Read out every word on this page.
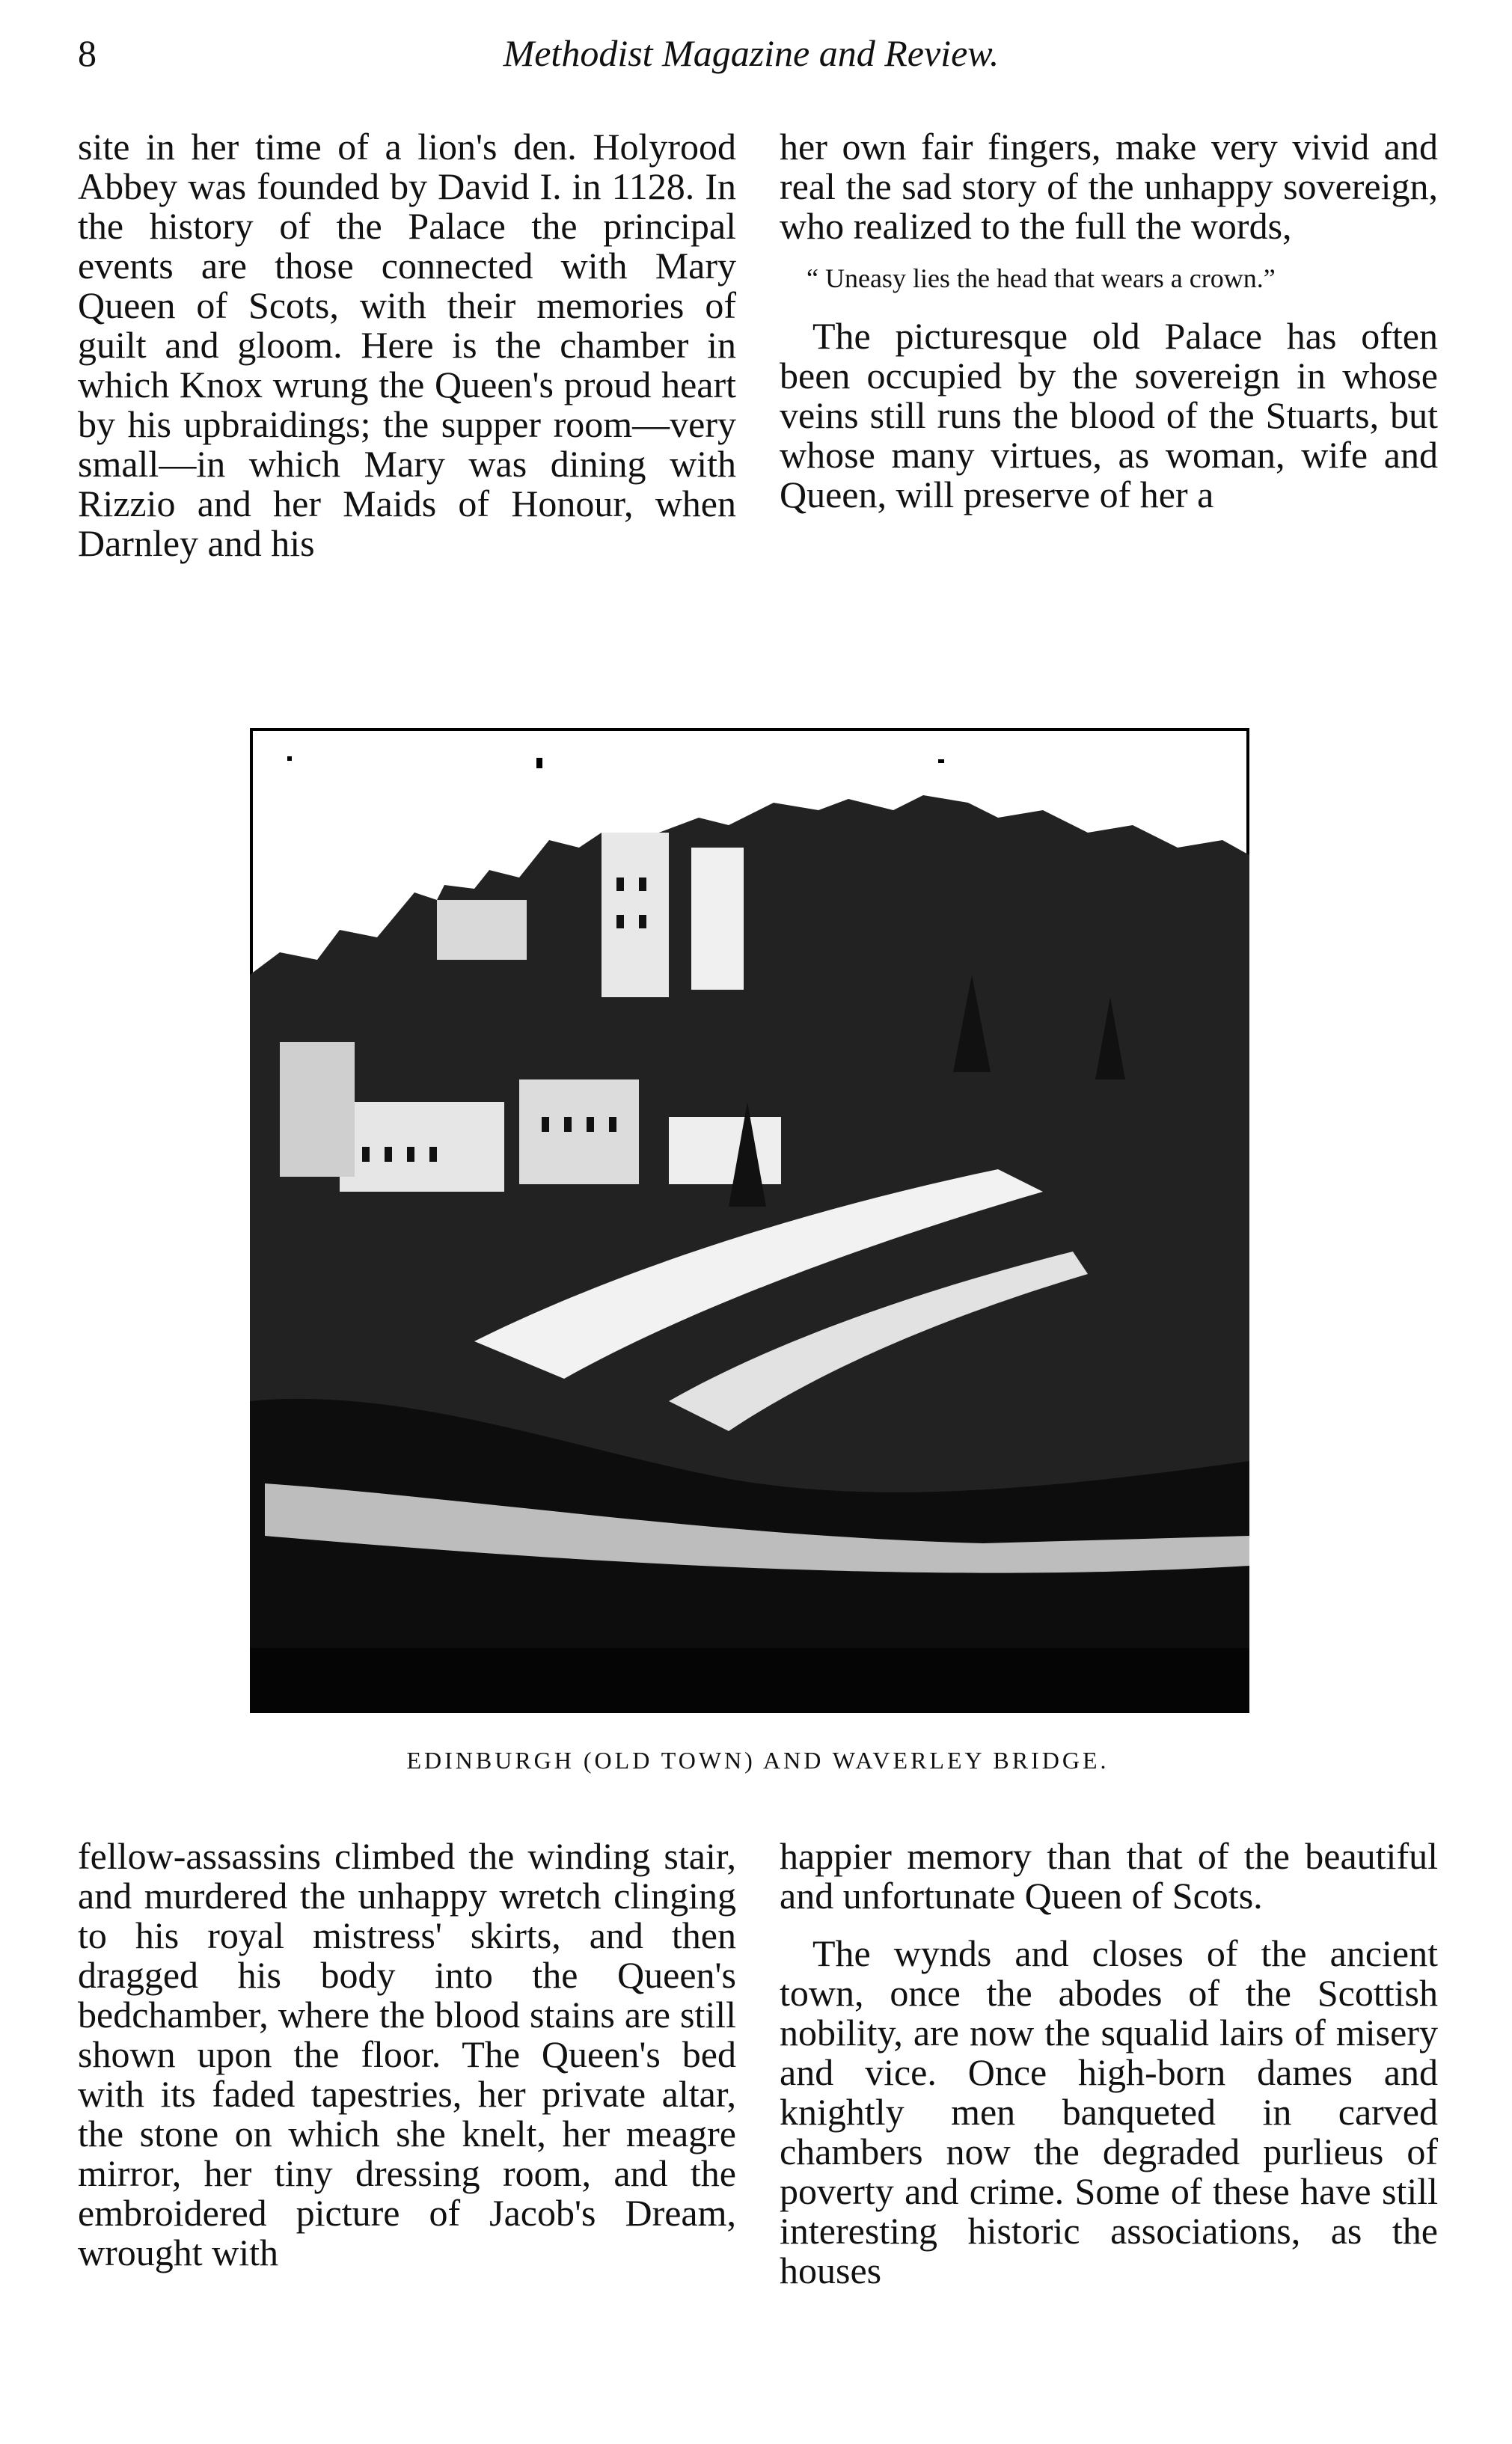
8	Methodist Magazine and Review.

site in her time of a lion's den. Holyrood Abbey was founded by David I. in 1128. In the history of the Palace the principal events are those connected with Mary Queen of Scots, with their memories of guilt and gloom. Here is the chamber in which Knox wrung the Queen's proud heart by his upbraidings; the supper room—very small—in which Mary was dining with Rizzio and her Maids of Honour, when Darnley and his

her own fair fingers, make very vivid and real the sad story of the unhappy sovereign, who realized to the full the words,

“ Uneasy lies the head that wears a crown.”

The picturesque old Palace has often been occupied by the sovereign in whose veins still runs the blood of the Stuarts, but whose many virtues, as woman, wife and Queen, will preserve of her a

EDINBURGH (OLD TOWN) AND WAVERLEY BRIDGE.

fellow-assassins climbed the winding stair, and murdered the unhappy wretch clinging to his royal mistress' skirts, and then dragged his body into the Queen's bedchamber, where the blood stains are still shown upon the floor. The Queen's bed with its faded tapestries, her private altar, the stone on which she knelt, her meagre mirror, her tiny dressing room, and the embroidered picture of Jacob's Dream, wrought with

happier memory than that of the beautiful and unfortunate Queen of Scots.

The wynds and closes of the ancient town, once the abodes of the Scottish nobility, are now the squalid lairs of misery and vice. Once high-born dames and knightly men banqueted in carved chambers now the degraded purlieus of poverty and crime. Some of these have still interesting historic associations, as the houses
